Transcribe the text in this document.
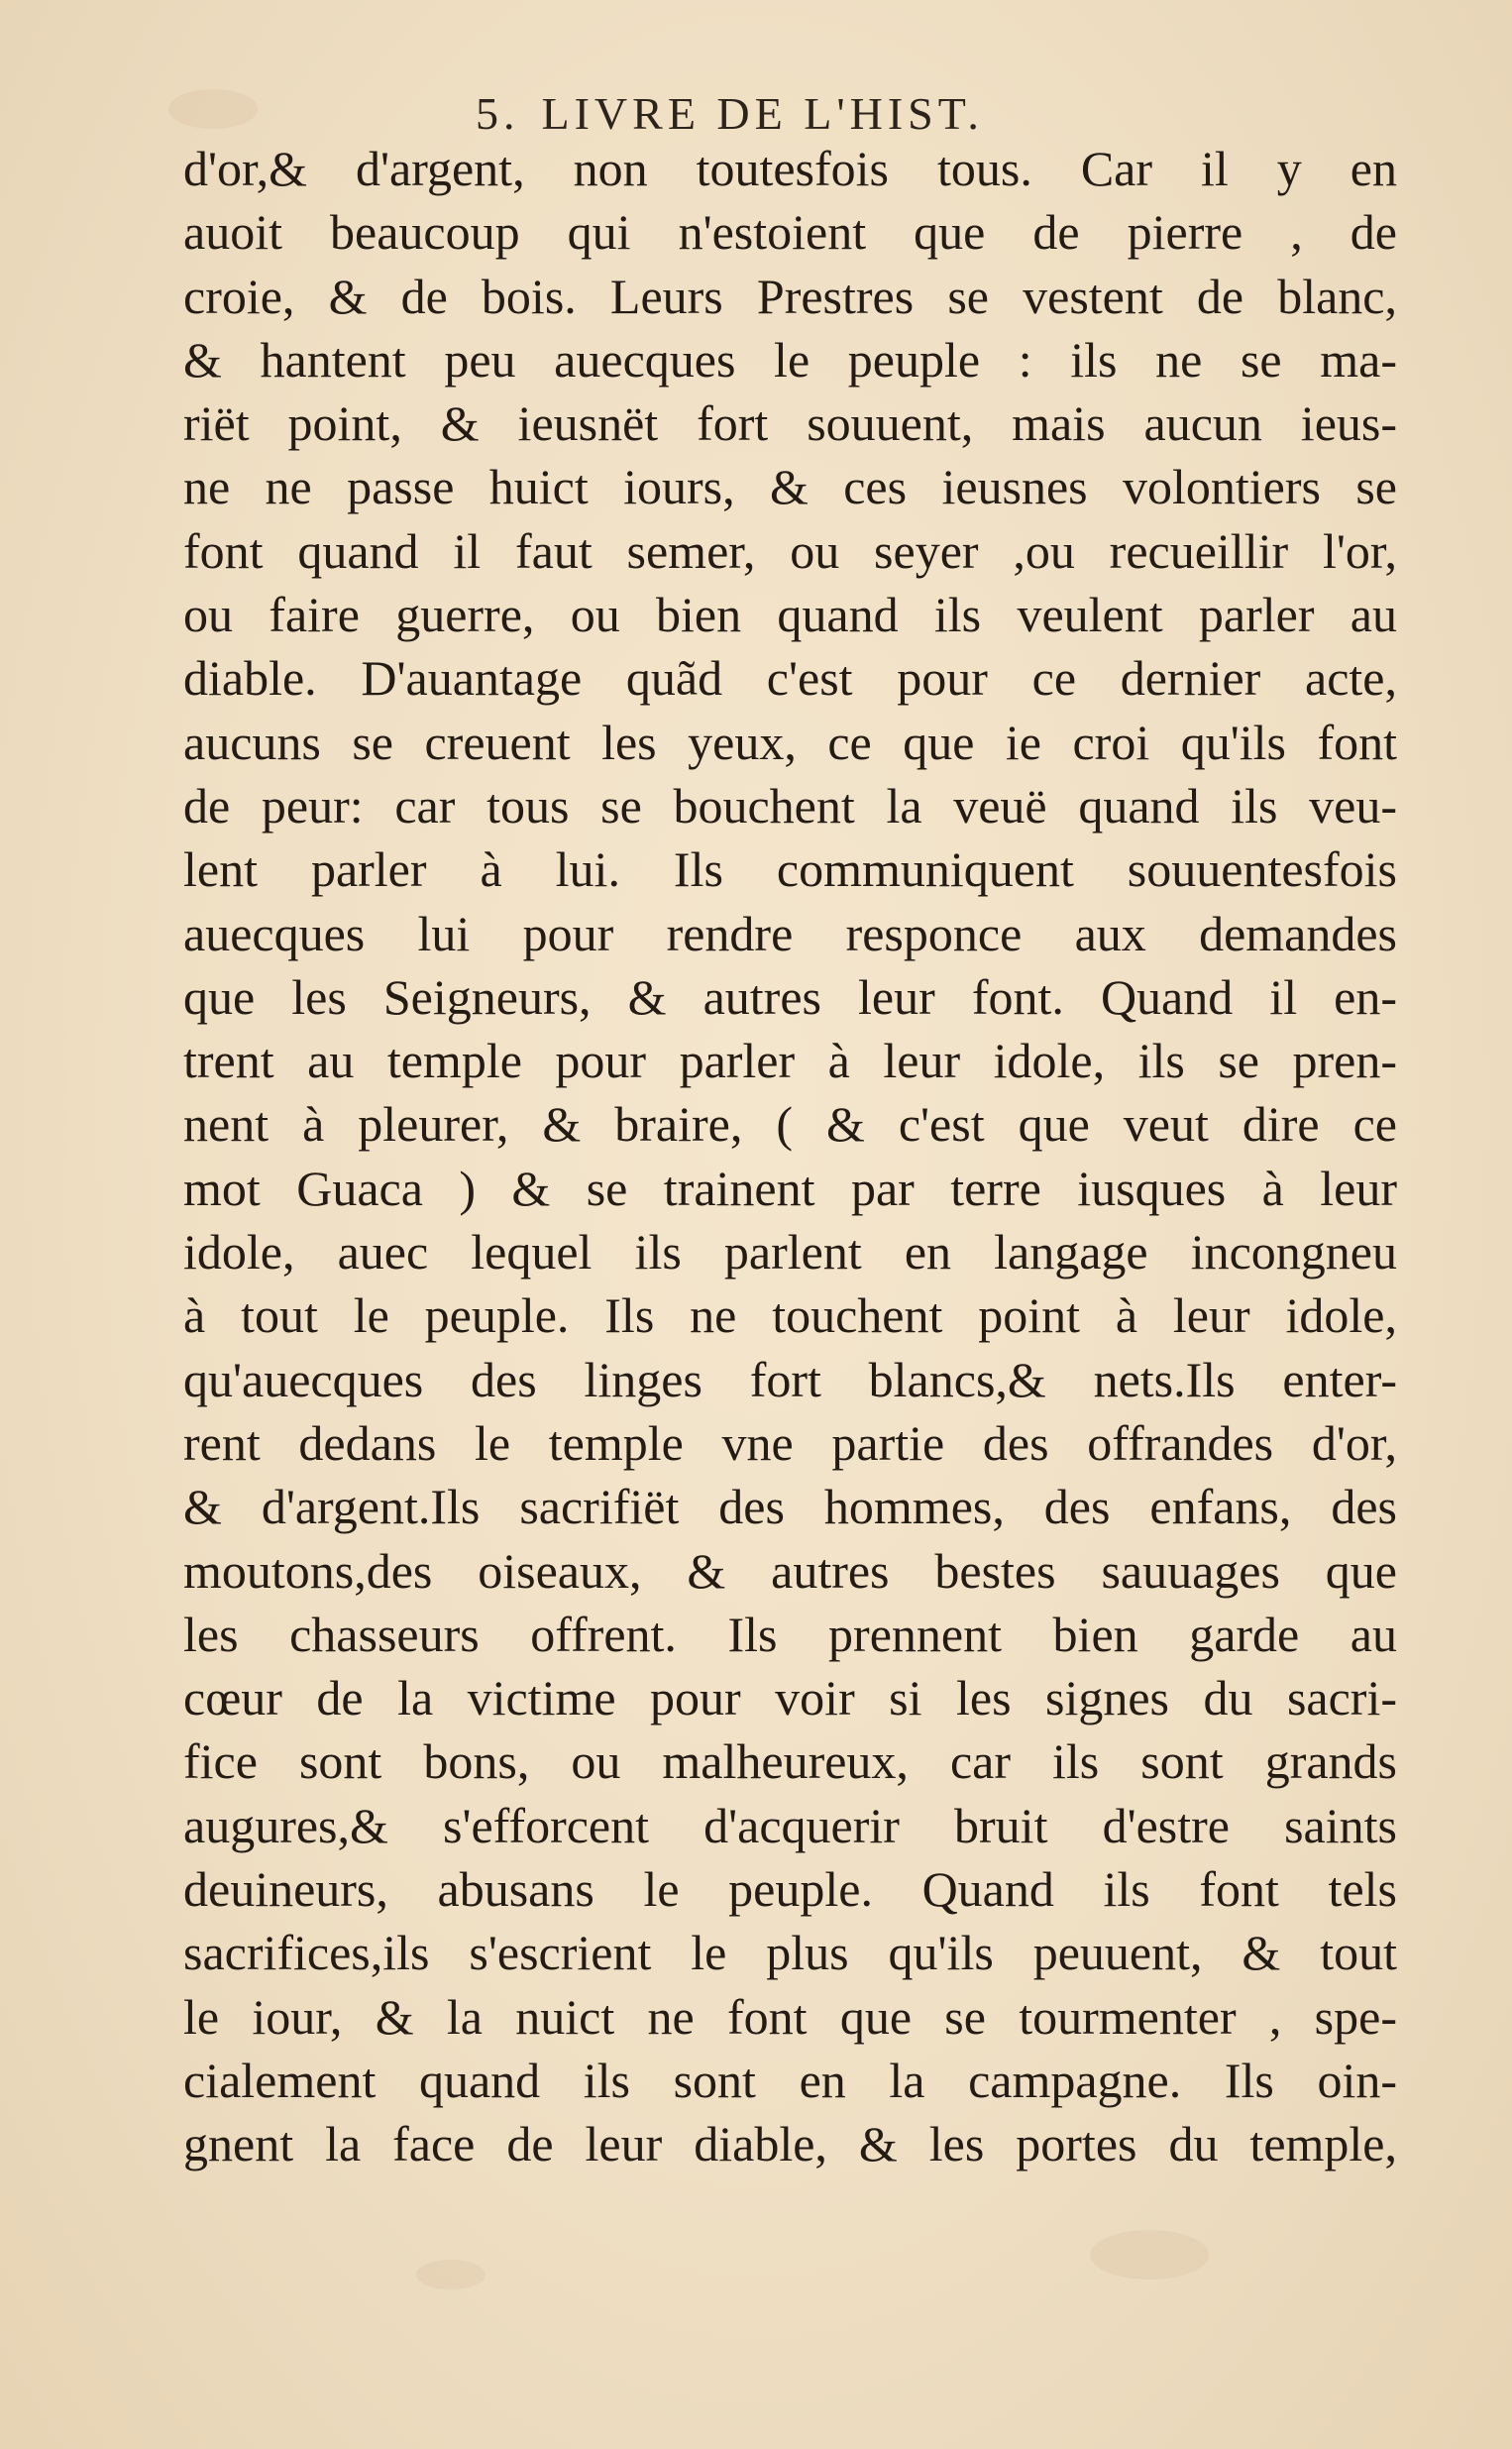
5. LIVRE DE L'HIST.
d'or,& d'argent, non toutesfois tous. Car il y en
auoit beaucoup qui n'estoient que de pierre , de
croie, & de bois. Leurs Prestres se vestent de blanc,
& hantent peu auecques le peuple : ils ne se ma-
riët point, & ieusnët fort souuent, mais aucun ieus-
ne ne passe huict iours, & ces ieusnes volontiers se
font quand il faut semer, ou seyer ,ou recueillir l'or,
ou faire guerre, ou bien quand ils veulent parler au
diable. D'auantage quãd c'est pour ce dernier acte,
aucuns se creuent les yeux, ce que ie croi qu'ils font
de peur: car tous se bouchent la veuë quand ils veu-
lent parler à lui. Ils communiquent souuentesfois
auecques lui pour rendre responce aux demandes
que les Seigneurs, & autres leur font. Quand il en-
trent au temple pour parler à leur idole, ils se pren-
nent à pleurer, & braire, ( & c'est que veut dire ce
mot Guaca ) & se trainent par terre iusques à leur
idole, auec lequel ils parlent en langage incongneu
à tout le peuple. Ils ne touchent point à leur idole,
qu'auecques des linges fort blancs,& nets.Ils enter-
rent dedans le temple vne partie des offrandes d'or,
& d'argent.Ils sacrifiët des hommes, des enfans, des
moutons,des oiseaux, & autres bestes sauuages que
les chasseurs offrent. Ils prennent bien garde au
cœur de la victime pour voir si les signes du sacri-
fice sont bons, ou malheureux, car ils sont grands
augures,& s'efforcent d'acquerir bruit d'estre saints
deuineurs, abusans le peuple. Quand ils font tels
sacrifices,ils s'escrient le plus qu'ils peuuent, & tout
le iour, & la nuict ne font que se tourmenter , spe-
cialement quand ils sont en la campagne. Ils oin-
gnent la face de leur diable, & les portes du temple,
